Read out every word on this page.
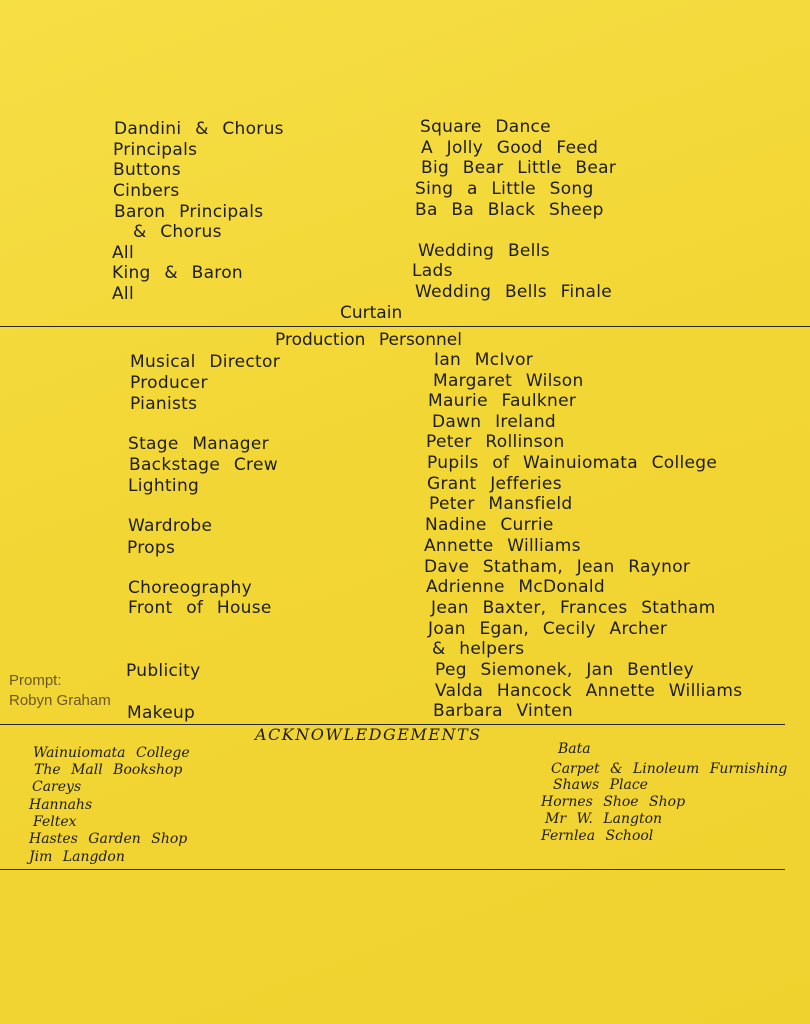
Dandini & Chorus
Principals
Buttons
Cinbers
Baron Principals
& Chorus
All
King & Baron
All
Square Dance
A Jolly Good Feed
Big Bear Little Bear
Sing a Little Song
Ba Ba Black Sheep
Wedding Bells
Lads
Wedding Bells Finale
Curtain
Production Personnel
Musical Director
Producer
Pianists
Stage Manager
Backstage Crew
Lighting
Wardrobe
Props
Choreography
Front of House
Publicity
Makeup
Ian McIvor
Margaret Wilson
Maurie Faulkner
Dawn Ireland
Peter Rollinson
Pupils of Wainuiomata College
Grant Jefferies
Peter Mansfield
Nadine Currie
Annette Williams
Dave Statham, Jean Raynor
Adrienne McDonald
Jean Baxter, Frances Statham
Joan Egan, Cecily Archer
& helpers
Peg Siemonek, Jan Bentley
Valda Hancock Annette Williams
Barbara Vinten
Prompt:
Robyn Graham
ACKNOWLEDGEMENTS
Wainuiomata College
The Mall Bookshop
Careys
Hannahs
Feltex
Hastes Garden Shop
Jim Langdon
Bata
Carpet & Linoleum Furnishing
Shaws Place
Hornes Shoe Shop
Mr W. Langton
Fernlea School
